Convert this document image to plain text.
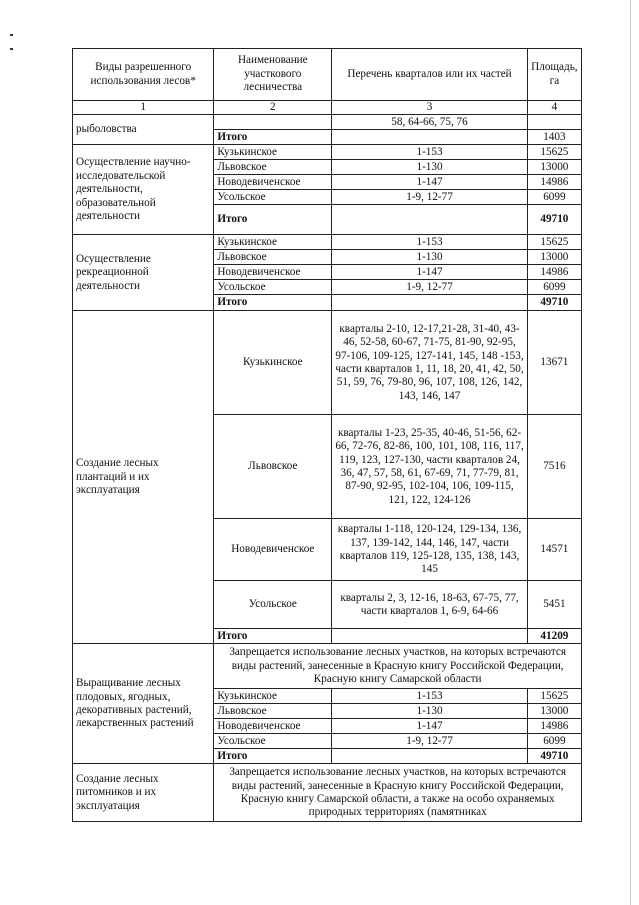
Виды разрешенного использования лесов*	Наименование участкового лесничества	Перечень кварталов или их частей	Площадь, га
1	2	3	4
рыболовства		58, 64-66, 75, 76	
	Итого		1403
Осуществление научно-исследовательской деятельности, образовательной деятельности	Кузькинское	1-153	15625
	Львовское	1-130	13000
	Новодевиченское	1-147	14986
	Усольское	1-9, 12-77	6099
	Итого		49710
Осуществление рекреационной деятельности	Кузькинское	1-153	15625
	Львовское	1-130	13000
	Новодевиченское	1-147	14986
	Усольское	1-9, 12-77	6099
	Итого		49710
Создание лесных плантаций и их эксплуатация	Кузькинское	кварталы 2-10, 12-17,21-28, 31-40, 43-46, 52-58, 60-67, 71-75, 81-90, 92-95, 97-106, 109-125, 127-141, 145, 148 -153, части кварталов 1, 11, 18, 20, 41, 42, 50, 51, 59, 76, 79-80, 96, 107, 108, 126, 142, 143, 146, 147	13671
	Львовское	кварталы 1-23, 25-35, 40-46, 51-56, 62-66, 72-76, 82-86, 100, 101, 108, 116, 117, 119, 123, 127-130, части кварталов 24, 36, 47, 57, 58, 61, 67-69, 71, 77-79, 81, 87-90, 92-95, 102-104, 106, 109-115, 121, 122, 124-126	7516
	Новодевиченское	кварталы 1-118, 120-124, 129-134, 136, 137, 139-142, 144, 146, 147, части кварталов 119, 125-128, 135, 138, 143, 145	14571
	Усольское	кварталы 2, 3, 12-16, 18-63, 67-75, 77, части кварталов 1, 6-9, 64-66	5451
	Итого		41209
Выращивание лесных плодовых, ягодных, декоративных растений, лекарственных растений	Запрещается использование лесных участков, на которых встречаются виды растений, занесенные в Красную книгу Российской Федерации, Красную книгу Самарской области		
	Кузькинское	1-153	15625
	Львовское	1-130	13000
	Новодевиченское	1-147	14986
	Усольское	1-9, 12-77	6099
	Итого		49710
Создание лесных питомников и их эксплуатация	Запрещается использование лесных участков, на которых встречаются виды растений, занесенные в Красную книгу Российской Федерации, Красную книгу Самарской области, а также на особо охраняемых природных территориях (памятниках		
